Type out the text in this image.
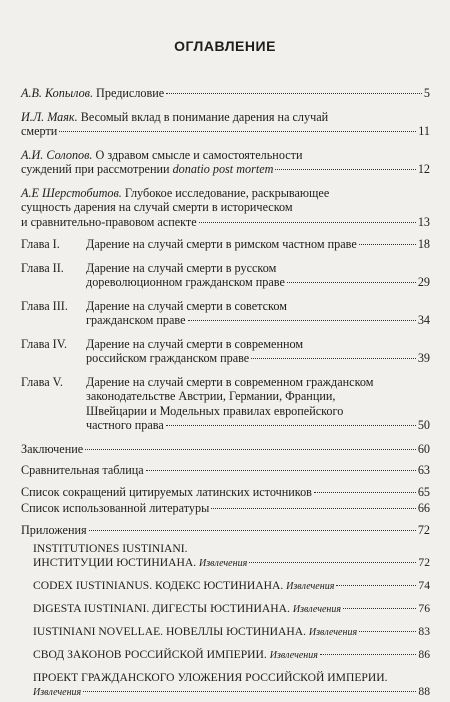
ОГЛАВЛЕНИЕ
А.В. Копылов. Предисловие	5
И.Л. Маяк. Весомый вклад в понимание дарения на случай
смерти	11
А.И. Солопов. О здравом смысле и самостоятельности
суждений при рассмотрении donatio post mortem	12
А.Е Шерстобитов. Глубокое исследование, раскрывающее
сущность дарения на случай смерти в историческом
и сравнительно-правовом аспекте	13
Глава I.	Дарение на случай смерти в римском частном праве	18
Глава II.	Дарение на случай смерти в русском
дореволюционном гражданском праве	29
Глава III.	Дарение на случай смерти в советском
гражданском праве	34
Глава IV.	Дарение на случай смерти в современном
российском гражданском праве	39
Глава V.	Дарение на случай смерти в современном гражданском
законодательстве Австрии, Германии, Франции,
Швейцарии и Модельных правилах европейского
частного права	50
Заключение	60
Сравнительная таблица	63
Список сокращений цитируемых латинских источников	65
Список использованной литературы	66
Приложения	72
INSTITUTIONES IUSTINIANI.
ИНСТИТУЦИИ ЮСТИНИАНА. Извлечения	72
CODEX IUSTINIANUS. КОДЕКС ЮСТИНИАНА. Извлечения	74
DIGESTA IUSTINIANI. ДИГЕСТЫ ЮСТИНИАНА. Извлечения	76
IUSTINIANI NOVELLAE. НОВЕЛЛЫ ЮСТИНИАНА. Извлечения	83
СВОД ЗАКОНОВ РОССИЙСКОЙ ИМПЕРИИ. Извлечения	86
ПРОЕКТ ГРАЖДАНСКОГО УЛОЖЕНИЯ РОССИЙСКОЙ ИМПЕРИИ.
Извлечения	88
